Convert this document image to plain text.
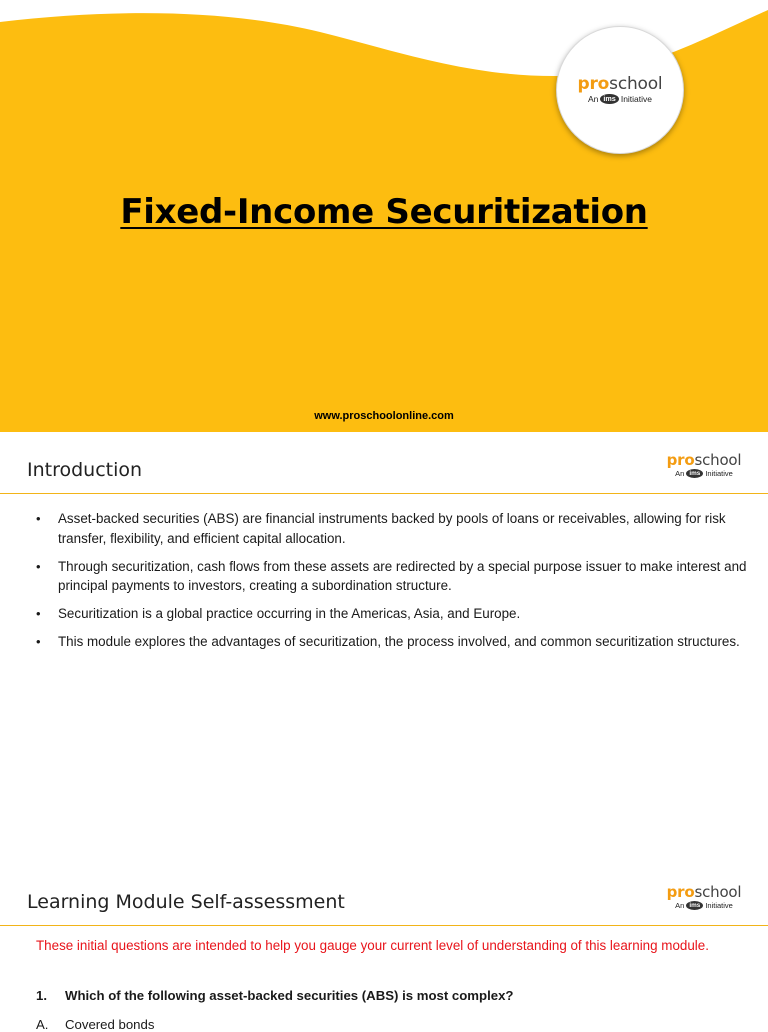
proschool
An ims Initiative
Fixed-Income Securitization
www.proschoolonline.com
Introduction	proschool
An ims Initiative
• Asset-backed securities (ABS) are financial instruments backed by pools of loans or receivables, allowing for risk transfer, flexibility, and efficient capital allocation.
• Through securitization, cash flows from these assets are redirected by a special purpose issuer to make interest and principal payments to investors, creating a subordination structure.
• Securitization is a global practice occurring in the Americas, Asia, and Europe.
• This module explores the advantages of securitization, the process involved, and common securitization structures.
Learning Module Self-assessment	proschool
An ims Initiative

These initial questions are intended to help you gauge your current level of understanding of this learning module.

1.	Which of the following asset-backed securities (ABS) is most complex?
A.	Covered bonds
